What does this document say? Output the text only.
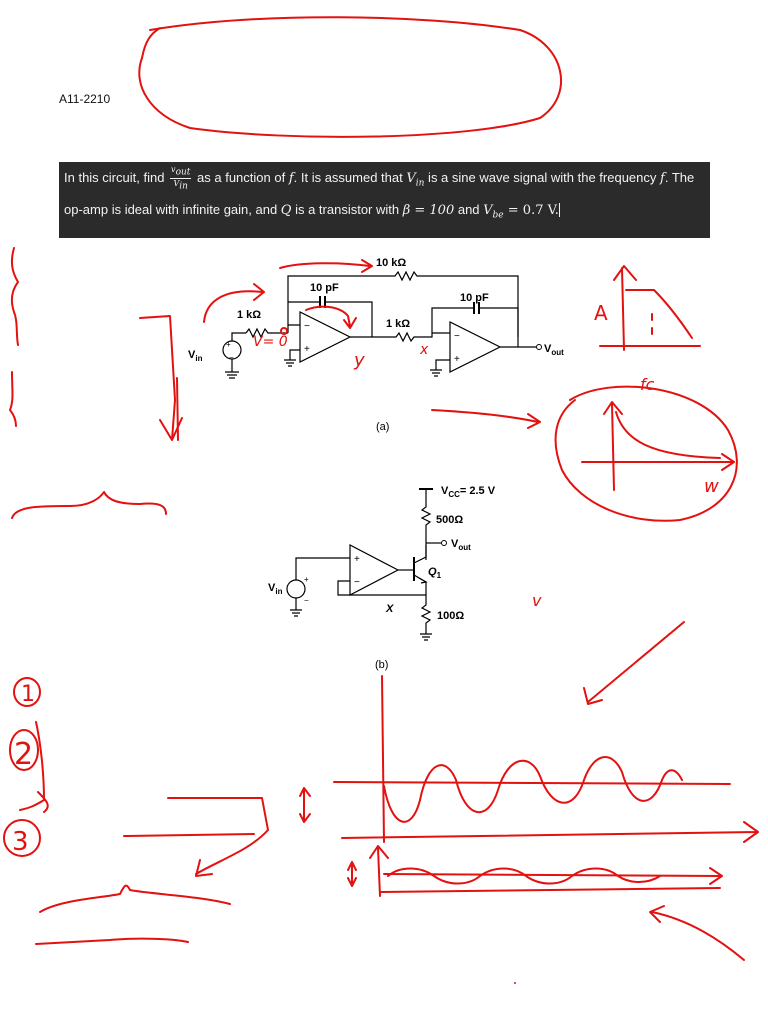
A11-2210
In this circuit, find $\frac{v_{out}}{V_{in}}$ as a function of f. It is assumed that $V_{in}$ is a sine wave signal with the frequency f. The op-amp is ideal with infinite gain, and Q is a transistor with β = 100 and $V_{be} = 0.7$ V.
+
−
$V_{in}$
1 kΩ
−
+
10 pF
10 kΩ
1 kΩ
−
+
10 pF
$V_{out}$
(a)
$V_{CC}= 2.5$ V
500Ω
$V_{out}$
$Q_1$
100Ω
+
−
X
+
−
$V_{in}$
(b)
V= 0
y	x
A
fc
w
v
1
2
3
